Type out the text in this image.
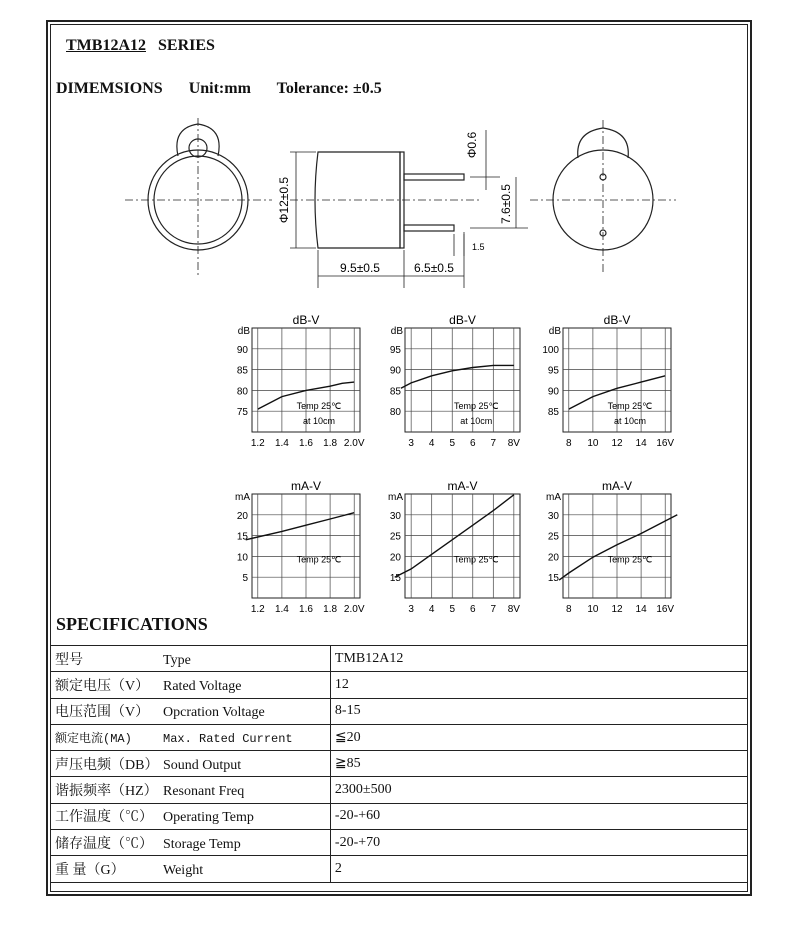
TMB12A12 SERIES
DIMEMSIONS Unit:mm Tolerance: ±0.5
Φ12±0.5
Φ0.6
7.6±0.5
1.5
9.5±0.5	6.5±0.5
dB-V
dB
75
80
85
90
1.2 1.4 1.6 1.8 2.0V
Temp 25℃
at 10cm
dB-V
dB
80
85
90
95
3 4 5 6 7 8V
Temp 25℃
at 10cm
dB-V
dB
85
90
95
100
8 10 12 14 16V
Temp 25℃
at 10cm
mA-V
mA
5
10
15
20
1.2 1.4 1.6 1.8 2.0V
Temp 25℃
mA-V
mA
15
20
25
30
3 4 5 6 7 8V
Temp 25℃
mA-V
mA
15
20
25
30
8 10 12 14 16V
Temp 25℃
SPECIFICATIONS
型号 Type	TMB12A12
额定电压（V） Rated Voltage	12
电压范围（V） Opcration Voltage	8-15
额定电流(MA) Max. Rated Current	≦20
声压电频（DB） Sound Output	≧85
谐振频率（HZ） Resonant Freq	2300±500
工作温度（℃） Operating Temp	-20-+60
储存温度（℃） Storage Temp	-20-+70
重 量（G） Weight	2
